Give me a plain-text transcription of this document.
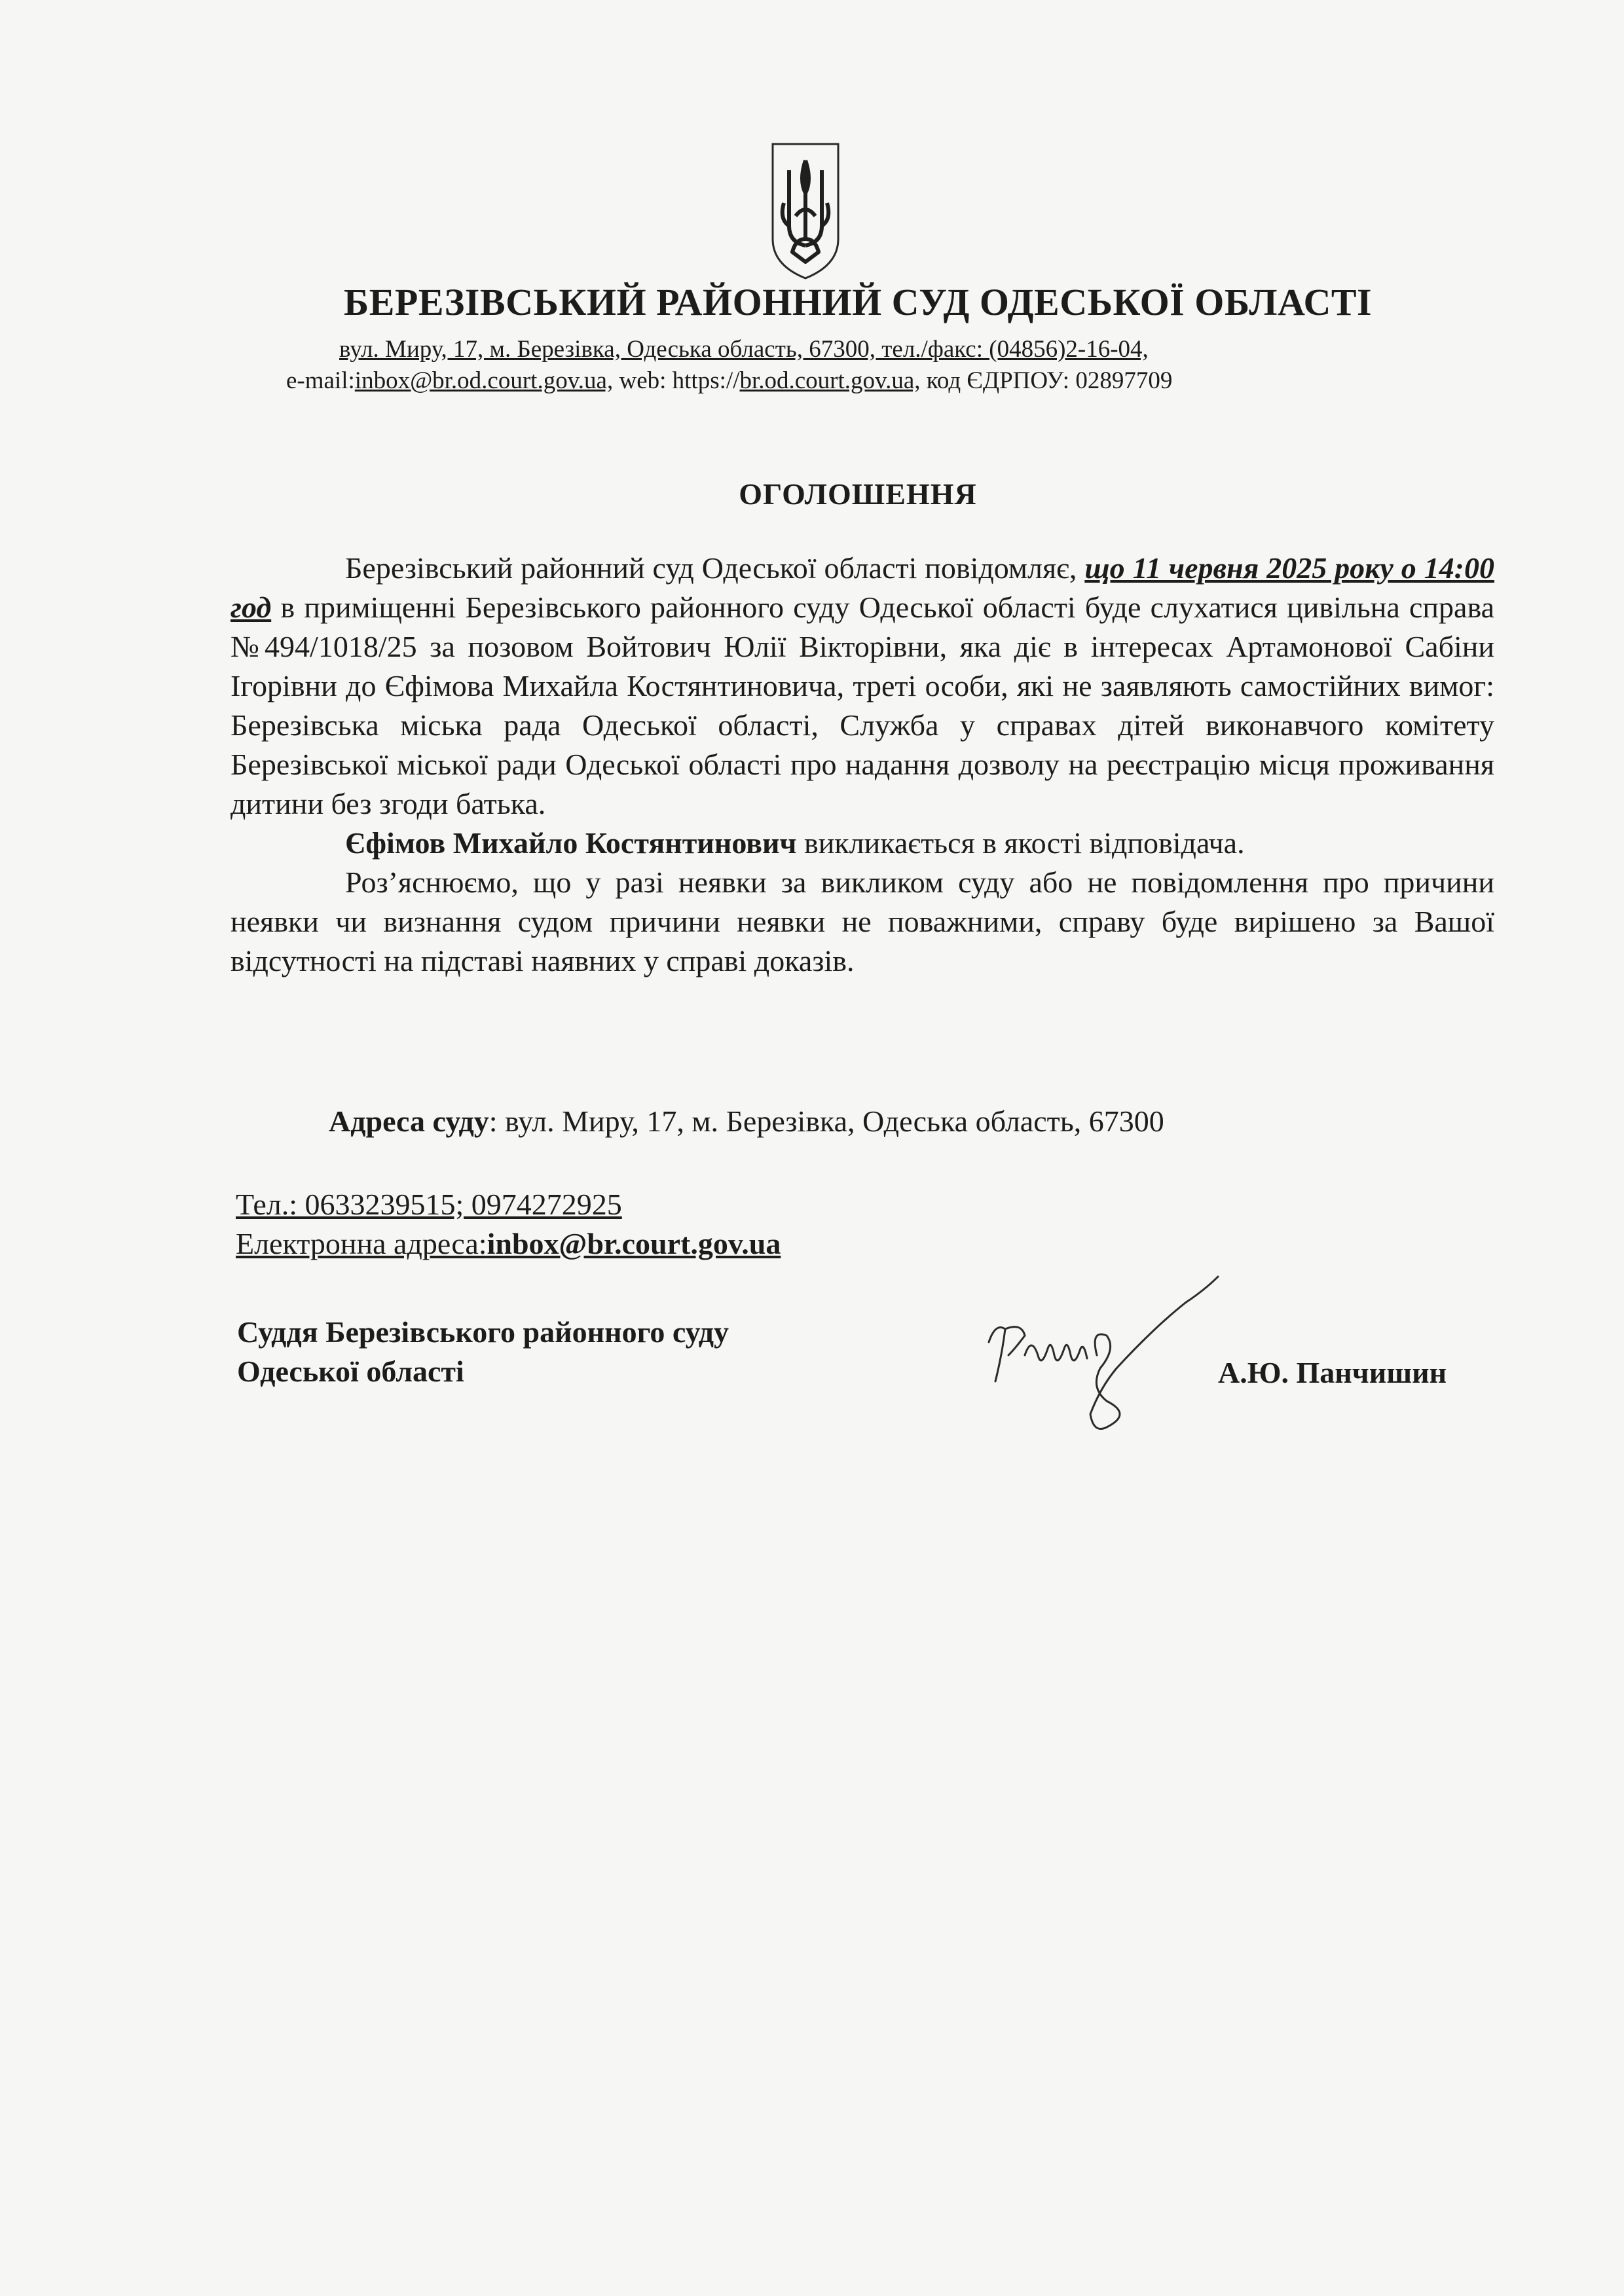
БЕРЕЗІВСЬКИЙ РАЙОННИЙ СУД ОДЕСЬКОЇ ОБЛАСТІ
вул. Миру, 17, м. Березівка, Одеська область, 67300, тел./факс: (04856)2-16-04,
e-mail:inbox@br.od.court.gov.ua, web: https://br.od.court.gov.ua, код ЄДРПОУ: 02897709
ОГОЛОШЕННЯ

Березівський районний суд Одеської області повідомляє, що 11 червня 2025 року о 14:00 год в приміщенні Березівського районного суду Одеської області буде слухатися цивільна справа №494/1018/25 за позовом Войтович Юлії Вікторівни, яка діє в інтересах Артамонової Сабіни Ігорівни до Єфімова Михайла Костянтиновича, треті особи, які не заявляють самостійних вимог: Березівська міська рада Одеської області, Служба у справах дітей виконавчого комітету Березівської міської ради Одеської області про надання дозволу на реєстрацію місця проживання дитини без згоди батька.

Єфімов Михайло Костянтинович викликається в якості відповідача.

Роз’яснюємо, що у разі неявки за викликом суду або не повідомлення про причини неявки чи визнання судом причини неявки не поважними, справу буде вирішено за Вашої відсутності на підставі наявних у справі доказів.

Адреса суду: вул. Миру, 17, м. Березівка, Одеська область, 67300
Тел.: 0633239515; 0974272925
Електронна адреса:inbox@br.court.gov.ua
Суддя Березівського районного суду
Одеської області	А.Ю. Панчишин
